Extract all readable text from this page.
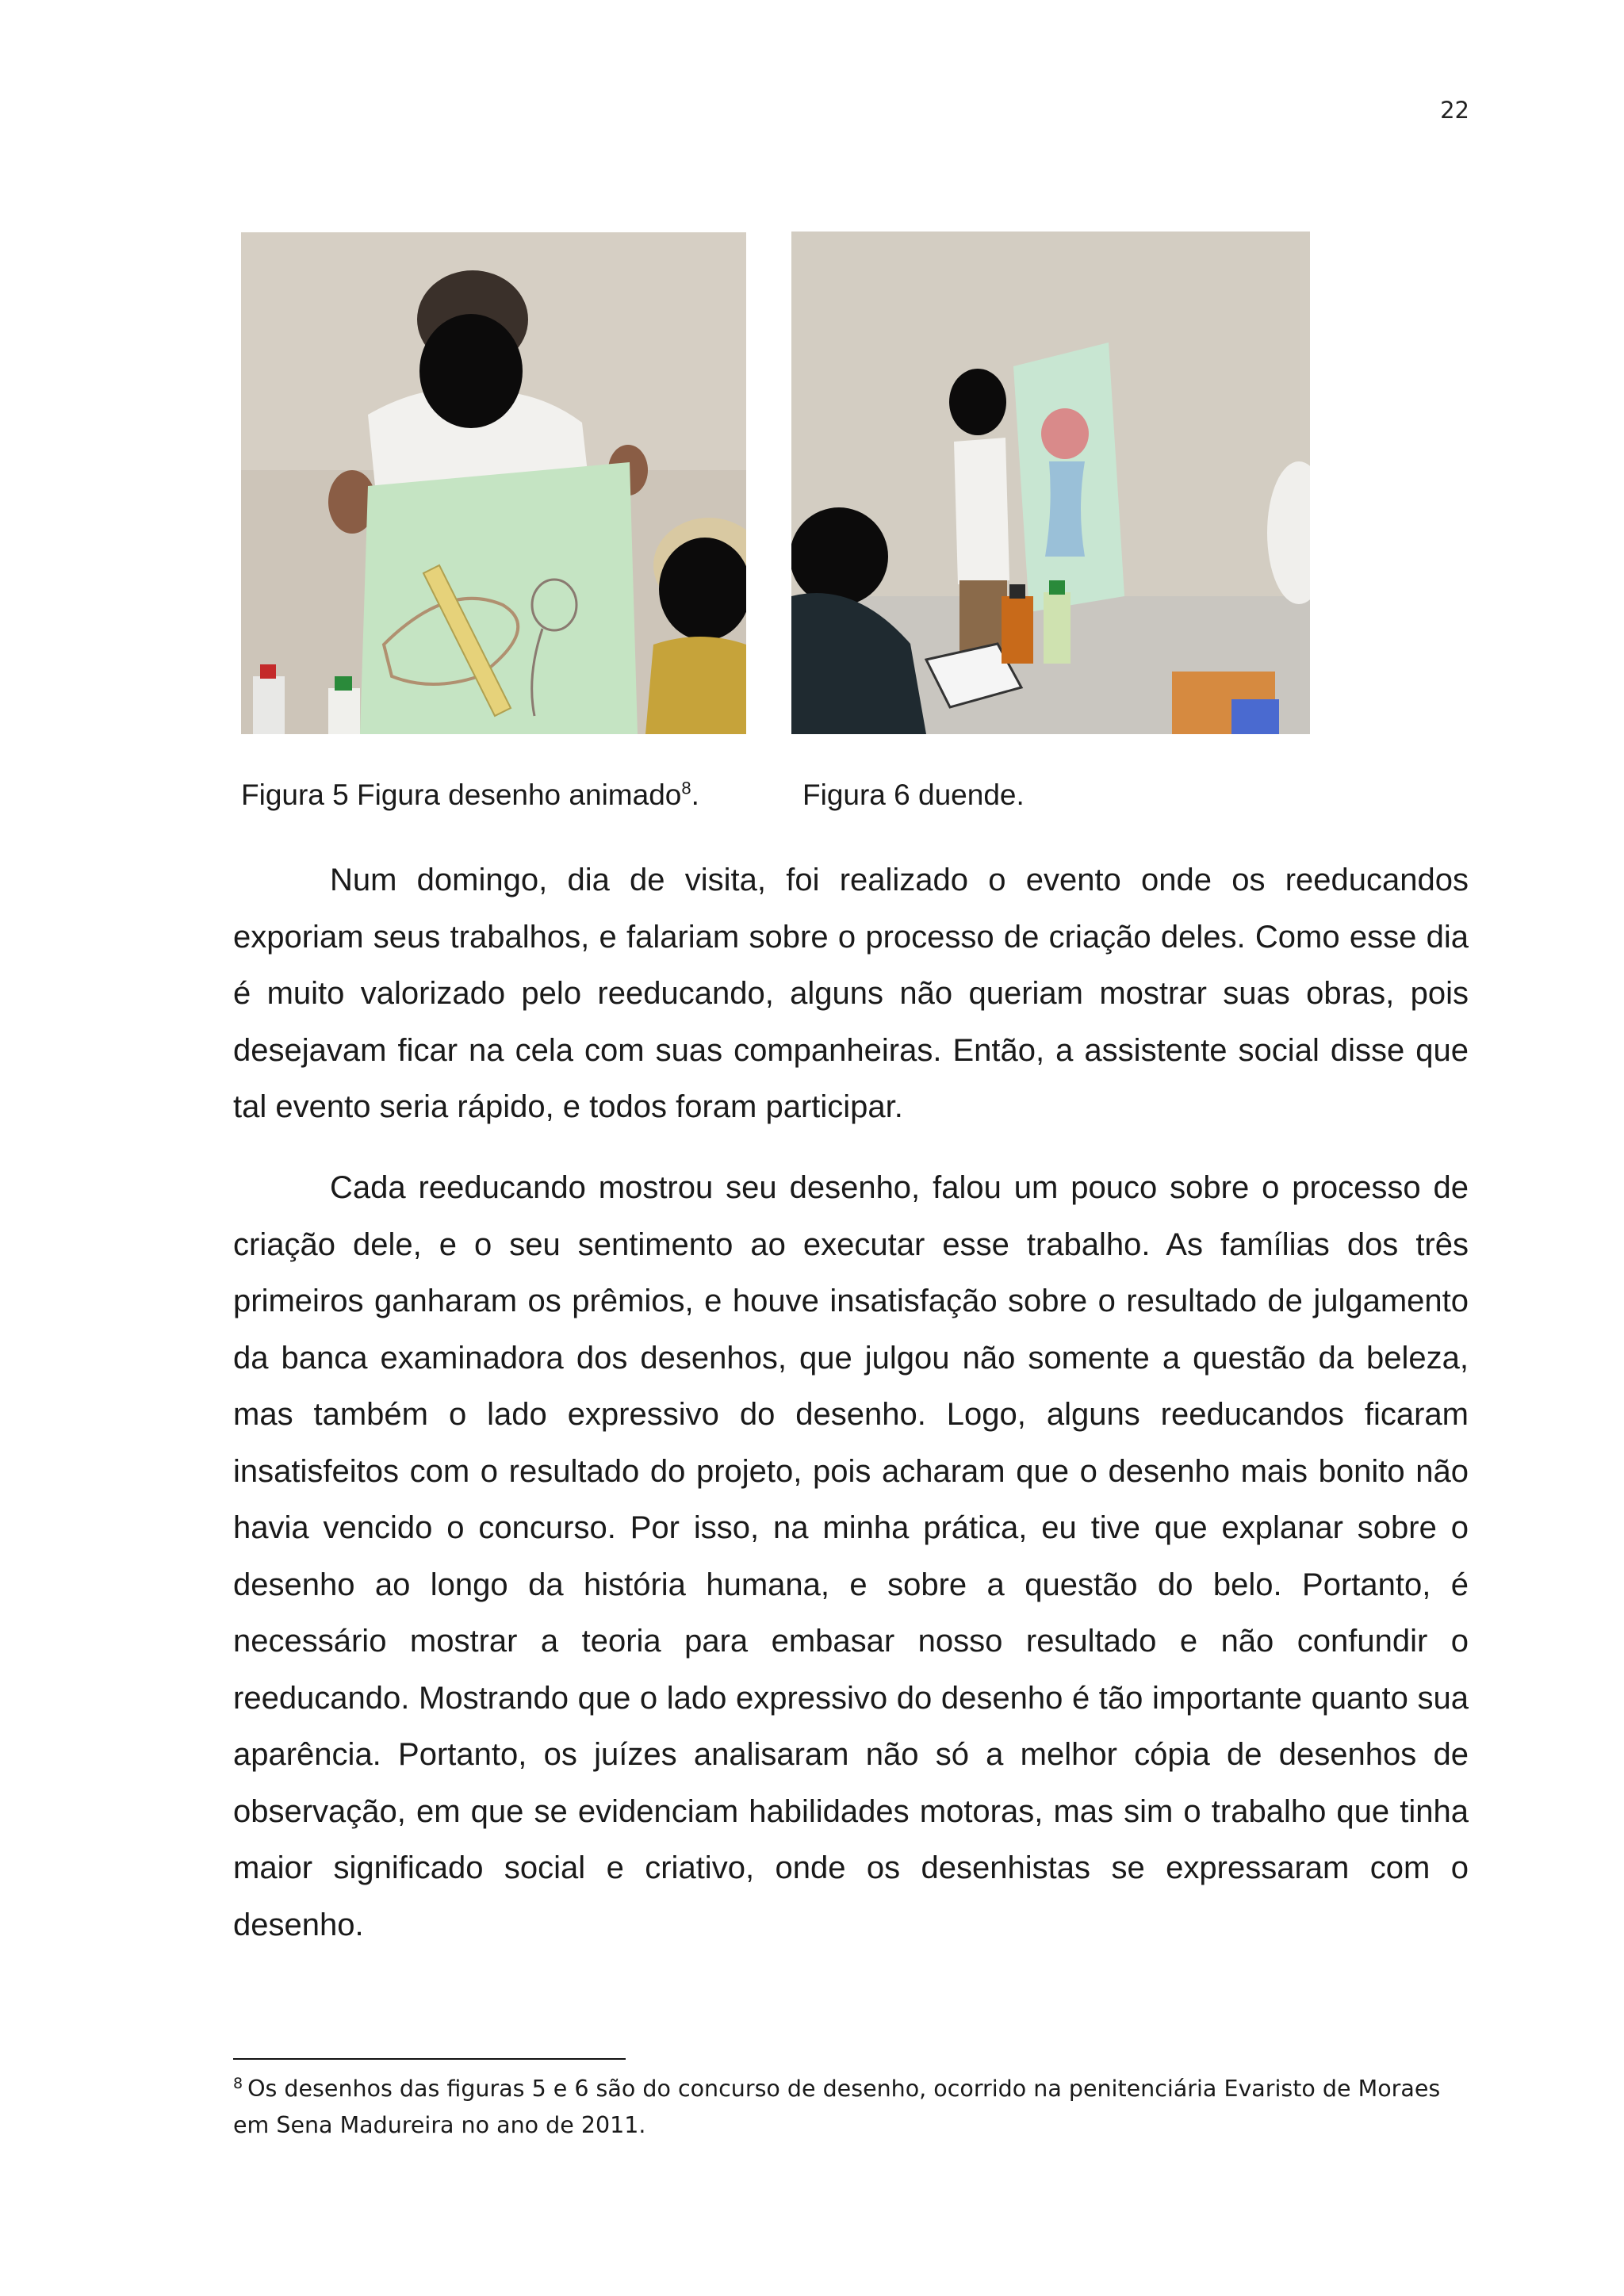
22
Figura 5 Figura desenho animado$^8$.	Figura 6 duende.

Num domingo, dia de visita, foi realizado o evento onde os reeducandos exporiam seus trabalhos, e falariam sobre o processo de criação deles. Como esse dia é muito valorizado pelo reeducando, alguns não queriam mostrar suas obras, pois desejavam ficar na cela com suas companheiras. Então, a assistente social disse que tal evento seria rápido, e todos foram participar.

Cada reeducando mostrou seu desenho, falou um pouco sobre o processo de criação dele, e o seu sentimento ao executar esse trabalho. As famílias dos três primeiros ganharam os prêmios, e houve insatisfação sobre o resultado de julgamento da banca examinadora dos desenhos, que julgou não somente a questão da beleza, mas também o lado expressivo do desenho. Logo, alguns reeducandos ficaram insatisfeitos com o resultado do projeto, pois acharam que o desenho mais bonito não havia vencido o concurso. Por isso, na minha prática, eu tive que explanar sobre o desenho ao longo da história humana, e sobre a questão do belo. Portanto, é necessário mostrar a teoria para embasar nosso resultado e não confundir o reeducando. Mostrando que o lado expressivo do desenho é tão importante quanto sua aparência. Portanto, os juízes analisaram não só a melhor cópia de desenhos de observação, em que se evidenciam habilidades motoras, mas sim o trabalho que tinha maior significado social e criativo, onde os desenhistas se expressaram com o desenho.

$^8$ Os desenhos das figuras 5 e 6 são do concurso de desenho, ocorrido na penitenciária Evaristo de Moraes em Sena Madureira no ano de 2011.
